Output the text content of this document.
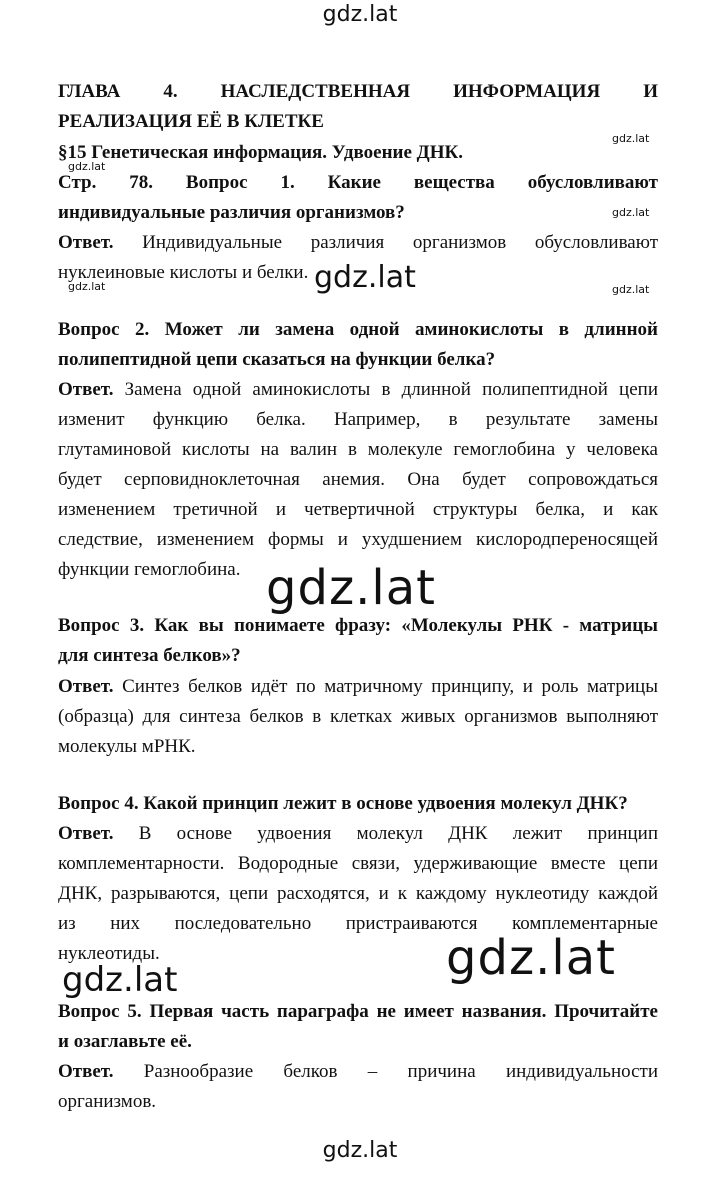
gdz.lat
gdz.lat
gdz.lat
gdz.lat
gdz.lat	gdz.lat
gdz.lat
gdz.lat
gdz.lat
gdz.lat
gdz.lat
ГЛАВА 4. НАСЛЕДСТВЕННАЯ ИНФОРМАЦИЯ И
РЕАЛИЗАЦИЯ ЕЁ В КЛЕТКЕ
§15 Генетическая информация. Удвоение ДНК.
Стр. 78. Вопрос 1. Какие вещества обусловливают
индивидуальные различия организмов?
Ответ. Индивидуальные различия организмов обусловливают
нуклеиновые кислоты и белки.
Вопрос 2. Может ли замена одной аминокислоты в длинной
полипептидной цепи сказаться на функции белка?
Ответ. Замена одной аминокислоты в длинной полипептидной цепи
изменит функцию белка. Например, в результате замены
глутаминовой кислоты на валин в молекуле гемоглобина у человека
будет серповидноклеточная анемия. Она будет сопровождаться
изменением третичной и четвертичной структуры белка, и как
следствие, изменением формы и ухудшением кислородпереносящей
функции гемоглобина.
Вопрос 3. Как вы понимаете фразу: «Молекулы РНК - матрицы
для синтеза белков»?
Ответ. Синтез белков идёт по матричному принципу, и роль матрицы
(образца) для синтеза белков в клетках живых организмов выполняют
молекулы мРНК.
Вопрос 4. Какой принцип лежит в основе удвоения молекул ДНК?
Ответ. В основе удвоения молекул ДНК лежит принцип
комплементарности. Водородные связи, удерживающие вместе цепи
ДНК, разрываются, цепи расходятся, и к каждому нуклеотиду каждой
из них последовательно пристраиваются комплементарные
нуклеотиды.
Вопрос 5. Первая часть параграфа не имеет названия. Прочитайте
и озаглавьте её.
Ответ. Разнообразие белков – причина индивидуальности
организмов.
